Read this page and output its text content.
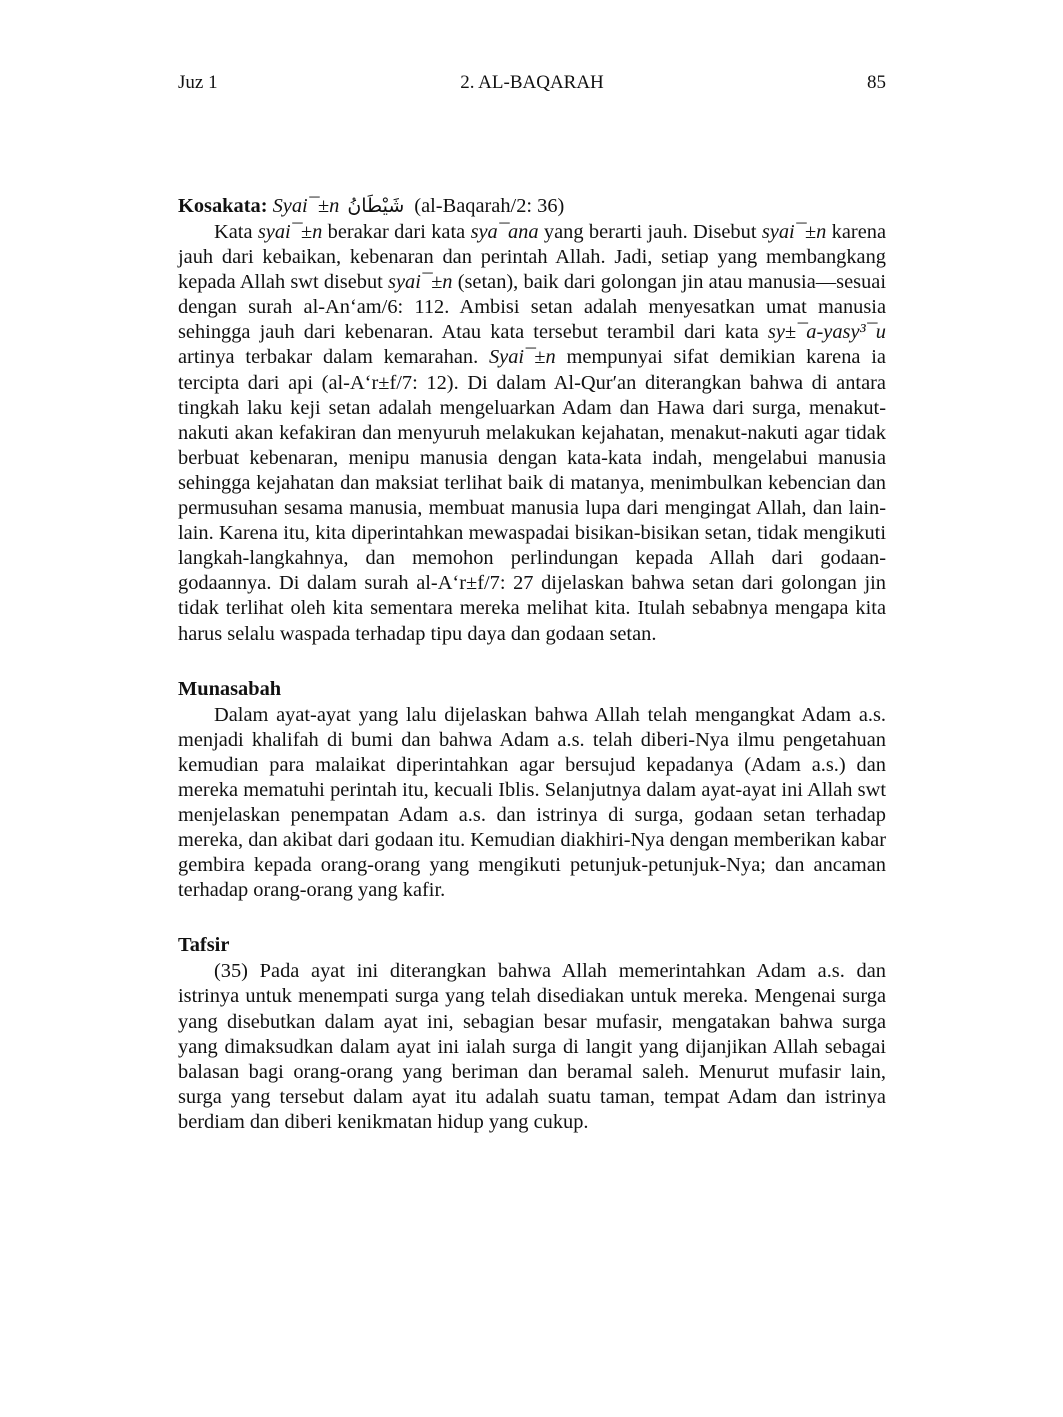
Juz 1	2. AL-BAQARAH	85

Kosakata: Syai¯±n شَيْطَانُ (al-Baqarah/2: 36)

Kata syai¯±n berakar dari kata sya¯ana yang berarti jauh. Disebut syai¯±n karena jauh dari kebaikan, kebenaran dan perintah Allah. Jadi, setiap yang membangkang kepada Allah swt disebut syai¯±n (setan), baik dari golongan jin atau manusia—sesuai dengan surah al-An‘am/6: 112. Ambisi setan adalah menyesatkan umat manusia sehingga jauh dari kebenaran. Atau kata tersebut terambil dari kata sy±¯a-yasy³¯u artinya terbakar dalam kemarahan. Syai¯±n mempunyai sifat demikian karena ia tercipta dari api (al-A‘r±f/7: 12). Di dalam Al-Qur′an diterangkan bahwa di antara tingkah laku keji setan adalah mengeluarkan Adam dan Hawa dari surga, menakut-nakuti akan kefakiran dan menyuruh melakukan kejahatan, menakut-nakuti agar tidak berbuat kebenaran, menipu manusia dengan kata-kata indah, mengelabui manusia sehingga kejahatan dan maksiat terlihat baik di matanya, menimbulkan kebencian dan permusuhan sesama manusia, membuat manusia lupa dari mengingat Allah, dan lain-lain. Karena itu, kita diperintahkan mewaspadai bisikan-bisikan setan, tidak mengikuti langkah-langkahnya, dan memohon perlindungan kepada Allah dari godaan-godaannya. Di dalam surah al-A‘r±f/7: 27 dijelaskan bahwa setan dari golongan jin tidak terlihat oleh kita sementara mereka melihat kita. Itulah sebabnya mengapa kita harus selalu waspada terhadap tipu daya dan godaan setan.

Munasabah

Dalam ayat-ayat yang lalu dijelaskan bahwa Allah telah mengangkat Adam a.s. menjadi khalifah di bumi dan bahwa Adam a.s. telah diberi-Nya ilmu pengetahuan kemudian para malaikat diperintahkan agar bersujud kepadanya (Adam a.s.) dan mereka mematuhi perintah itu, kecuali Iblis. Selanjutnya dalam ayat-ayat ini Allah swt menjelaskan penempatan Adam a.s. dan istrinya di surga, godaan setan terhadap mereka, dan akibat dari godaan itu. Kemudian diakhiri-Nya dengan memberikan kabar gembira kepada orang-orang yang mengikuti petunjuk-petunjuk-Nya; dan ancaman terhadap orang-orang yang kafir.

Tafsir

(35) Pada ayat ini diterangkan bahwa Allah memerintahkan Adam a.s. dan istrinya untuk menempati surga yang telah disediakan untuk mereka. Mengenai surga yang disebutkan dalam ayat ini, sebagian besar mufasir, mengatakan bahwa surga yang dimaksudkan dalam ayat ini ialah surga di langit yang dijanjikan Allah sebagai balasan bagi orang-orang yang beriman dan beramal saleh. Menurut mufasir lain, surga yang tersebut dalam ayat itu adalah suatu taman, tempat Adam dan istrinya berdiam dan diberi kenikmatan hidup yang cukup.
